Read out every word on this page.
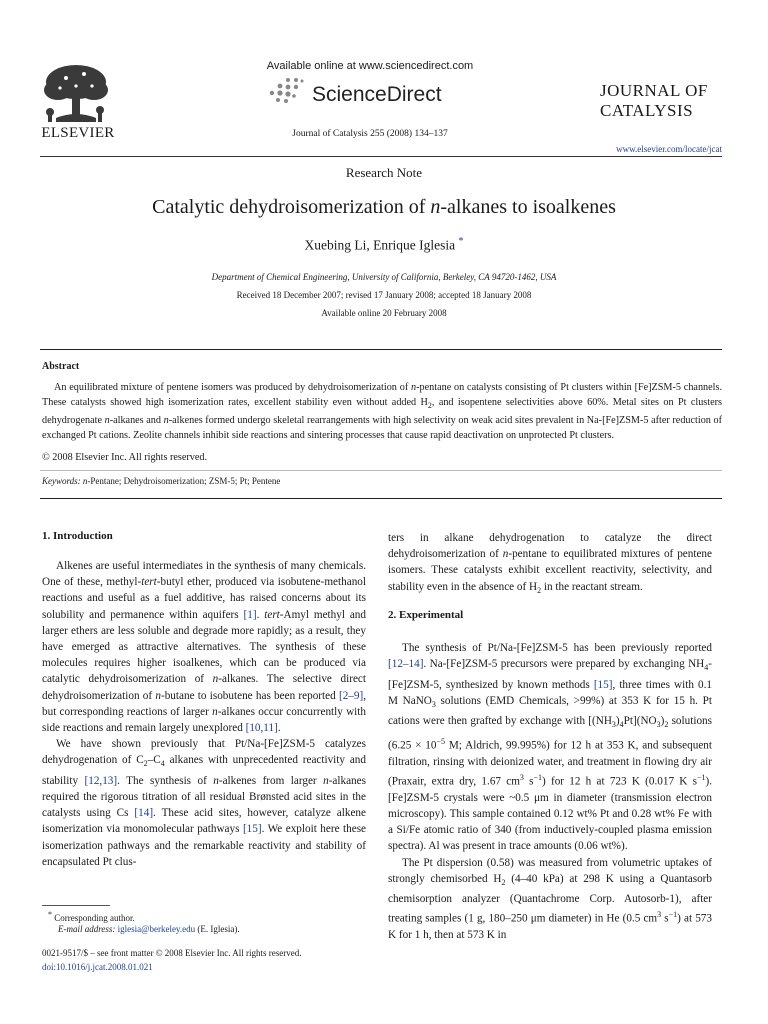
ELSEVIER
Available online at www.sciencedirect.com
ScienceDirect
Journal of Catalysis 255 (2008) 134–137
JOURNAL OF
CATALYSIS
www.elsevier.com/locate/jcat
Research Note
Catalytic dehydroisomerization of n-alkanes to isoalkenes
Xuebing Li, Enrique Iglesia *
Department of Chemical Engineering, University of California, Berkeley, CA 94720-1462, USA
Received 18 December 2007; revised 17 January 2008; accepted 18 January 2008
Available online 20 February 2008
Abstract
An equilibrated mixture of pentene isomers was produced by dehydroisomerization of n-pentane on catalysts consisting of Pt clusters within [Fe]ZSM-5 channels. These catalysts showed high isomerization rates, excellent stability even without added $H_2$, and isopentene selectivities above 60%. Metal sites on Pt clusters dehydrogenate n-alkanes and n-alkenes formed undergo skeletal rearrangements with high selectivity on weak acid sites prevalent in Na-[Fe]ZSM-5 after reduction of exchanged Pt cations. Zeolite channels inhibit side reactions and sintering processes that cause rapid deactivation on unprotected Pt clusters.
© 2008 Elsevier Inc. All rights reserved.
Keywords: n-Pentane; Dehydroisomerization; ZSM-5; Pt; Pentene
1. Introduction

Alkenes are useful intermediates in the synthesis of many chemicals. One of these, methyl-tert-butyl ether, produced via isobutene-methanol reactions and useful as a fuel additive, has raised concerns about its solubility and permanence within aquifers [1]. tert-Amyl methyl and larger ethers are less soluble and degrade more rapidly; as a result, they have emerged as attractive alternatives. The synthesis of these molecules requires higher isoalkenes, which can be produced via catalytic dehydroisomerization of n-alkanes. The selective direct dehydroisomerization of n-butane to isobutene has been reported [2–9], but corresponding reactions of larger n-alkanes occur concurrently with side reactions and remain largely unexplored [10,11].

We have shown previously that Pt/Na-[Fe]ZSM-5 catalyzes dehydrogenation of $C_2-C_4$ alkanes with unprecedented reactivity and stability [12,13]. The synthesis of n-alkenes from larger n-alkanes required the rigorous titration of all residual Brønsted acid sites in the catalysts using Cs [14]. These acid sites, however, catalyze alkene isomerization via monomolecular pathways [15]. We exploit here these isomerization pathways and the remarkable reactivity and stability of encapsulated Pt clus-

ters in alkane dehydrogenation to catalyze the direct dehydroisomerization of n-pentane to equilibrated mixtures of pentene isomers. These catalysts exhibit excellent reactivity, selectivity, and stability even in the absence of $H_2$ in the reactant stream.

2. Experimental

The synthesis of Pt/Na-[Fe]ZSM-5 has been previously reported [12–14]. Na-[Fe]ZSM-5 precursors were prepared by exchanging $NH_4-[Fe]ZSM-5$, synthesized by known methods [15], three times with 0.1 M NaNO$_3$ solutions (EMD Chemicals, >99%) at 353 K for 15 h. Pt cations were then grafted by exchange with $[(NH_3)_4Pt](NO_3)_2$ solutions ($6.25 \times 10^{-5}$ M; Aldrich, 99.995%) for 12 h at 353 K, and subsequent filtration, rinsing with deionized water, and treatment in flowing dry air (Praxair, extra dry, 1.67 $cm^3$ $s^{-1}$) for 12 h at 723 K (0.017 K $s^{-1}$). [Fe]ZSM-5 crystals were ~0.5 μm in diameter (transmission electron microscopy). This sample contained 0.12 wt% Pt and 0.28 wt% Fe with a Si/Fe atomic ratio of 340 (from inductively-coupled plasma emission spectra). Al was present in trace amounts (0.06 wt%).

The Pt dispersion (0.58) was measured from volumetric uptakes of strongly chemisorbed $H_2$ (4–40 kPa) at 298 K using a Quantasorb chemisorption analyzer (Quantachrome Corp. Autosorb-1), after treating samples (1 g, 180–250 μm diameter) in He (0.5 $cm^3$ $s^{-1}$) at 573 K for 1 h, then at 573 K in

* Corresponding author.
E-mail address: iglesia@berkeley.edu (E. Iglesia).
0021-9517/$ – see front matter © 2008 Elsevier Inc. All rights reserved.
doi:10.1016/j.jcat.2008.01.021
